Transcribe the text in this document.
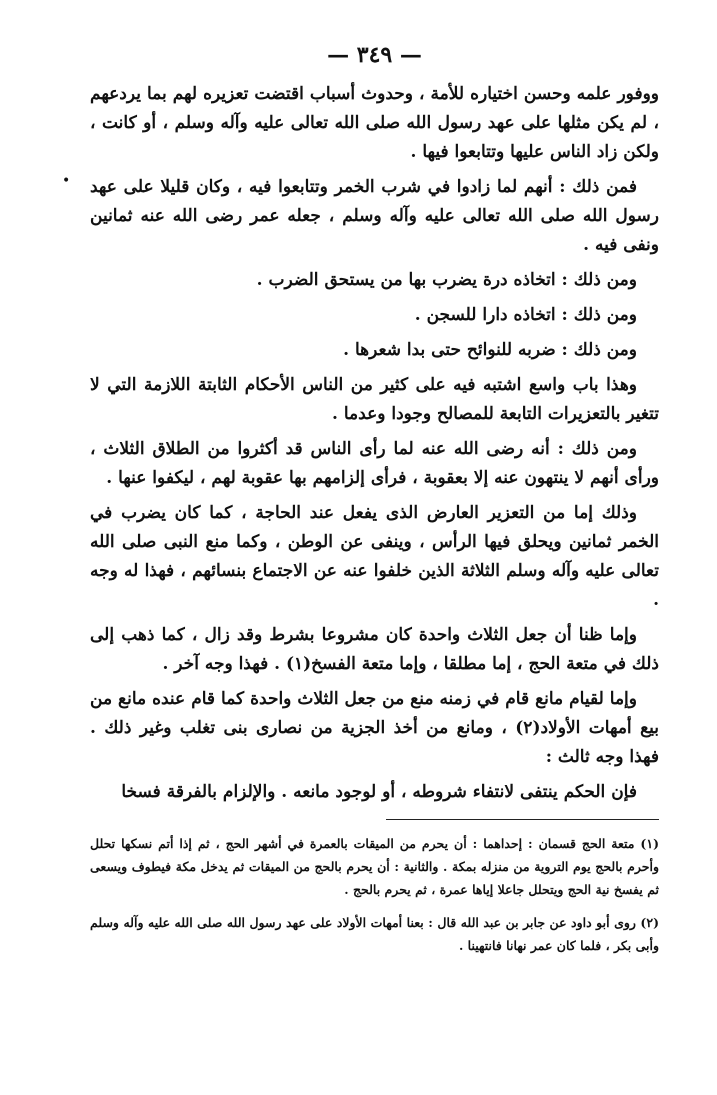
— ٣٤٩ —

ووفور علمه وحسن اختياره للأمة ، وحدوث أسباب اقتضت تعزيره لهم بما يردعهم ، لم يكن مثلها على عهد رسول الله صلى الله تعالى عليه وآله وسلم ، أو كانت ، ولكن زاد الناس عليها وتتابعوا فيها .

• فمن ذلك : أنهم لما زادوا في شرب الخمر وتتابعوا فيه ، وكان قليلا على عهد رسول الله صلى الله تعالى عليه وآله وسلم ، جعله عمر رضى الله عنه ثمانين ونفى فيه .

ومن ذلك : اتخاذه درة يضرب بها من يستحق الضرب .

ومن ذلك : اتخاذه دارا للسجن .

ومن ذلك : ضربه للنوائح حتى بدا شعرها .

وهذا باب واسع اشتبه فيه على كثير من الناس الأحكام الثابتة اللازمة التي لا تتغير بالتعزيرات التابعة للمصالح وجودا وعدما .

ومن ذلك : أنه رضى الله عنه لما رأى الناس قد أكثروا من الطلاق الثلاث ، ورأى أنهم لا ينتهون عنه إلا بعقوبة ، فرأى إلزامهم بها عقوبة لهم ، ليكفوا عنها .

وذلك إما من التعزير العارض الذى يفعل عند الحاجة ، كما كان يضرب في الخمر ثمانين ويحلق فيها الرأس ، وينفى عن الوطن ، وكما منع النبى صلى الله تعالى عليه وآله وسلم الثلاثة الذين خلفوا عنه عن الاجتماع بنسائهم ، فهذا له وجه .

وإما ظنا أن جعل الثلاث واحدة كان مشروعا بشرط وقد زال ، كما ذهب إلى ذلك في متعة الحج ، إما مطلقا ، وإما متعة الفسخ(١) . فهذا وجه آخر .

وإما لقيام مانع قام في زمنه منع من جعل الثلاث واحدة كما قام عنده مانع من بيع أمهات الأولاد(٢) ، ومانع من أخذ الجزية من نصارى بنى تغلب وغير ذلك . فهذا وجه ثالث :

فإن الحكم ينتفى لانتفاء شروطه ، أو لوجود مانعه . والإلزام بالفرقة فسخا

(١) متعة الحج قسمان : إحداهما : أن يحرم من الميقات بالعمرة في أشهر الحج ، ثم إذا أتم نسكها تحلل وأحرم بالحج يوم التروية من منزله بمكة . والثانية : أن يحرم بالحج من الميقات ثم يدخل مكة فيطوف ويسعى ثم يفسخ نية الحج ويتحلل جاعلا إياها عمرة ، ثم يحرم بالحج .

(٢) روى أبو داود عن جابر بن عبد الله قال : بعنا أمهات الأولاد على عهد رسول الله صلى الله عليه وآله وسلم وأبى بكر ، فلما كان عمر نهانا فانتهينا .
